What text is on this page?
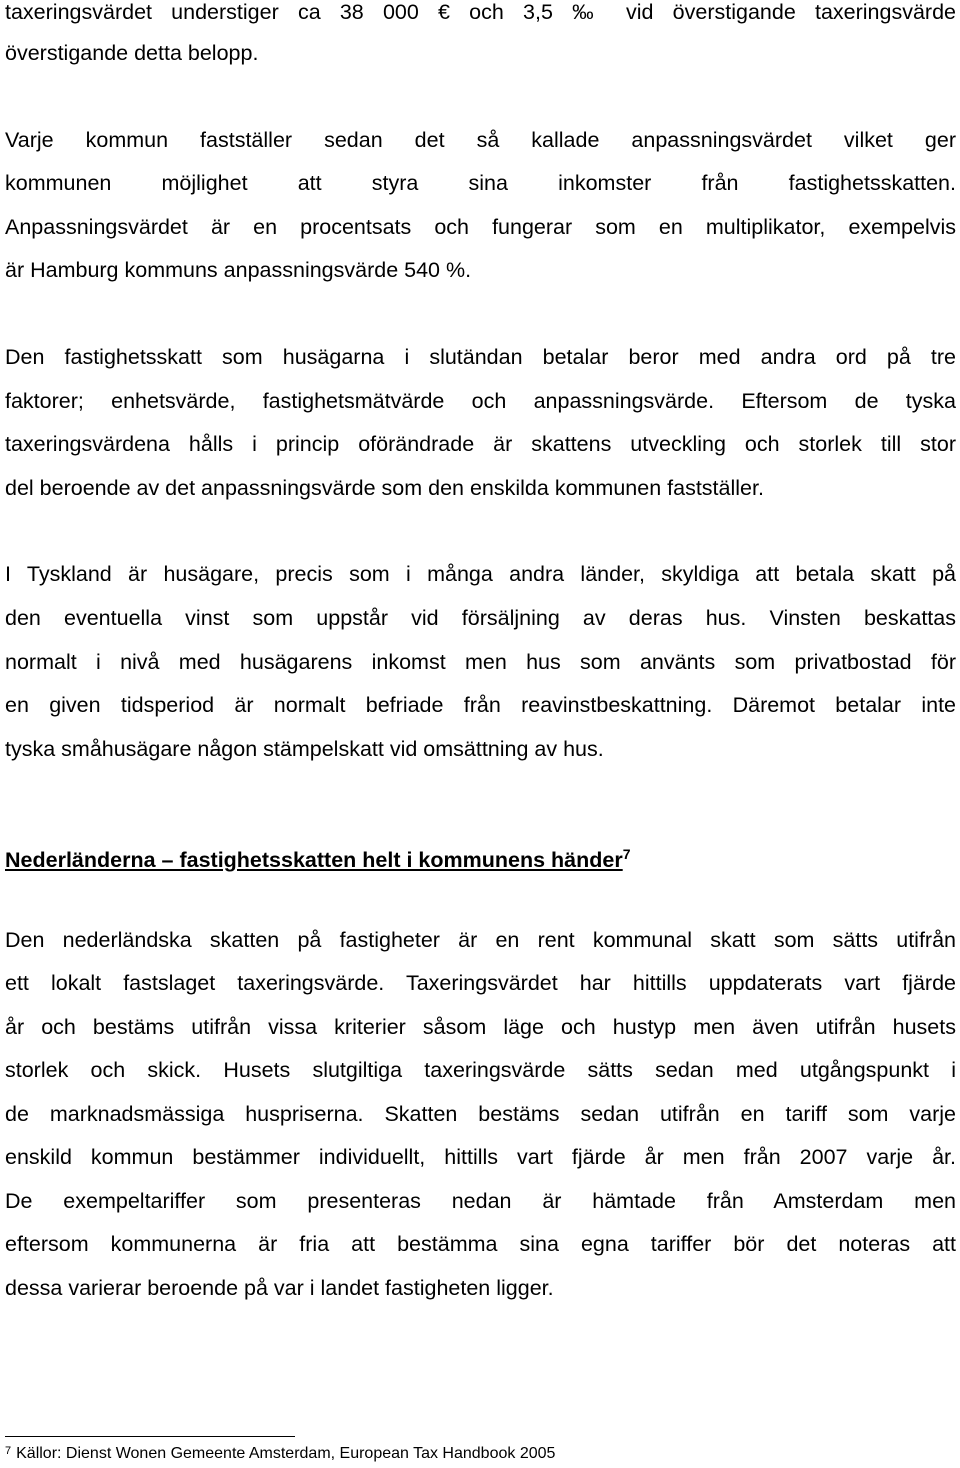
taxeringsvärdet understiger ca 38 000 € och 3,5 ‰ vid överstigande taxeringsvärde
överstigande detta belopp.
Varje kommun fastställer sedan det så kallade anpassningsvärdet vilket ger
kommunen möjlighet att styra sina inkomster från fastighetsskatten.
Anpassningsvärdet är en procentsats och fungerar som en multiplikator, exempelvis
är Hamburg kommuns anpassningsvärde 540 %.
Den fastighetsskatt som husägarna i slutändan betalar beror med andra ord på tre
faktorer; enhetsvärde, fastighetsmätvärde och anpassningsvärde. Eftersom de tyska
taxeringsvärdena hålls i princip oförändrade är skattens utveckling och storlek till stor
del beroende av det anpassningsvärde som den enskilda kommunen fastställer.
I Tyskland är husägare, precis som i många andra länder, skyldiga att betala skatt på
den eventuella vinst som uppstår vid försäljning av deras hus. Vinsten beskattas
normalt i nivå med husägarens inkomst men hus som använts som privatbostad för
en given tidsperiod är normalt befriade från reavinstbeskattning. Däremot betalar inte
tyska småhusägare någon stämpelskatt vid omsättning av hus.
Nederländerna – fastighetsskatten helt i kommunens händer$^7$
Den nederländska skatten på fastigheter är en rent kommunal skatt som sätts utifrån
ett lokalt fastslaget taxeringsvärde. Taxeringsvärdet har hittills uppdaterats vart fjärde
år och bestäms utifrån vissa kriterier såsom läge och hustyp men även utifrån husets
storlek och skick. Husets slutgiltiga taxeringsvärde sätts sedan med utgångspunkt i
de marknadsmässiga huspriserna. Skatten bestäms sedan utifrån en tariff som varje
enskild kommun bestämmer individuellt, hittills vart fjärde år men från 2007 varje år.
De exempeltariffer som presenteras nedan är hämtade från Amsterdam men
eftersom kommunerna är fria att bestämma sina egna tariffer bör det noteras att
dessa varierar beroende på var i landet fastigheten ligger.
$^7$ Källor: Dienst Wonen Gemeente Amsterdam, European Tax Handbook 2005
